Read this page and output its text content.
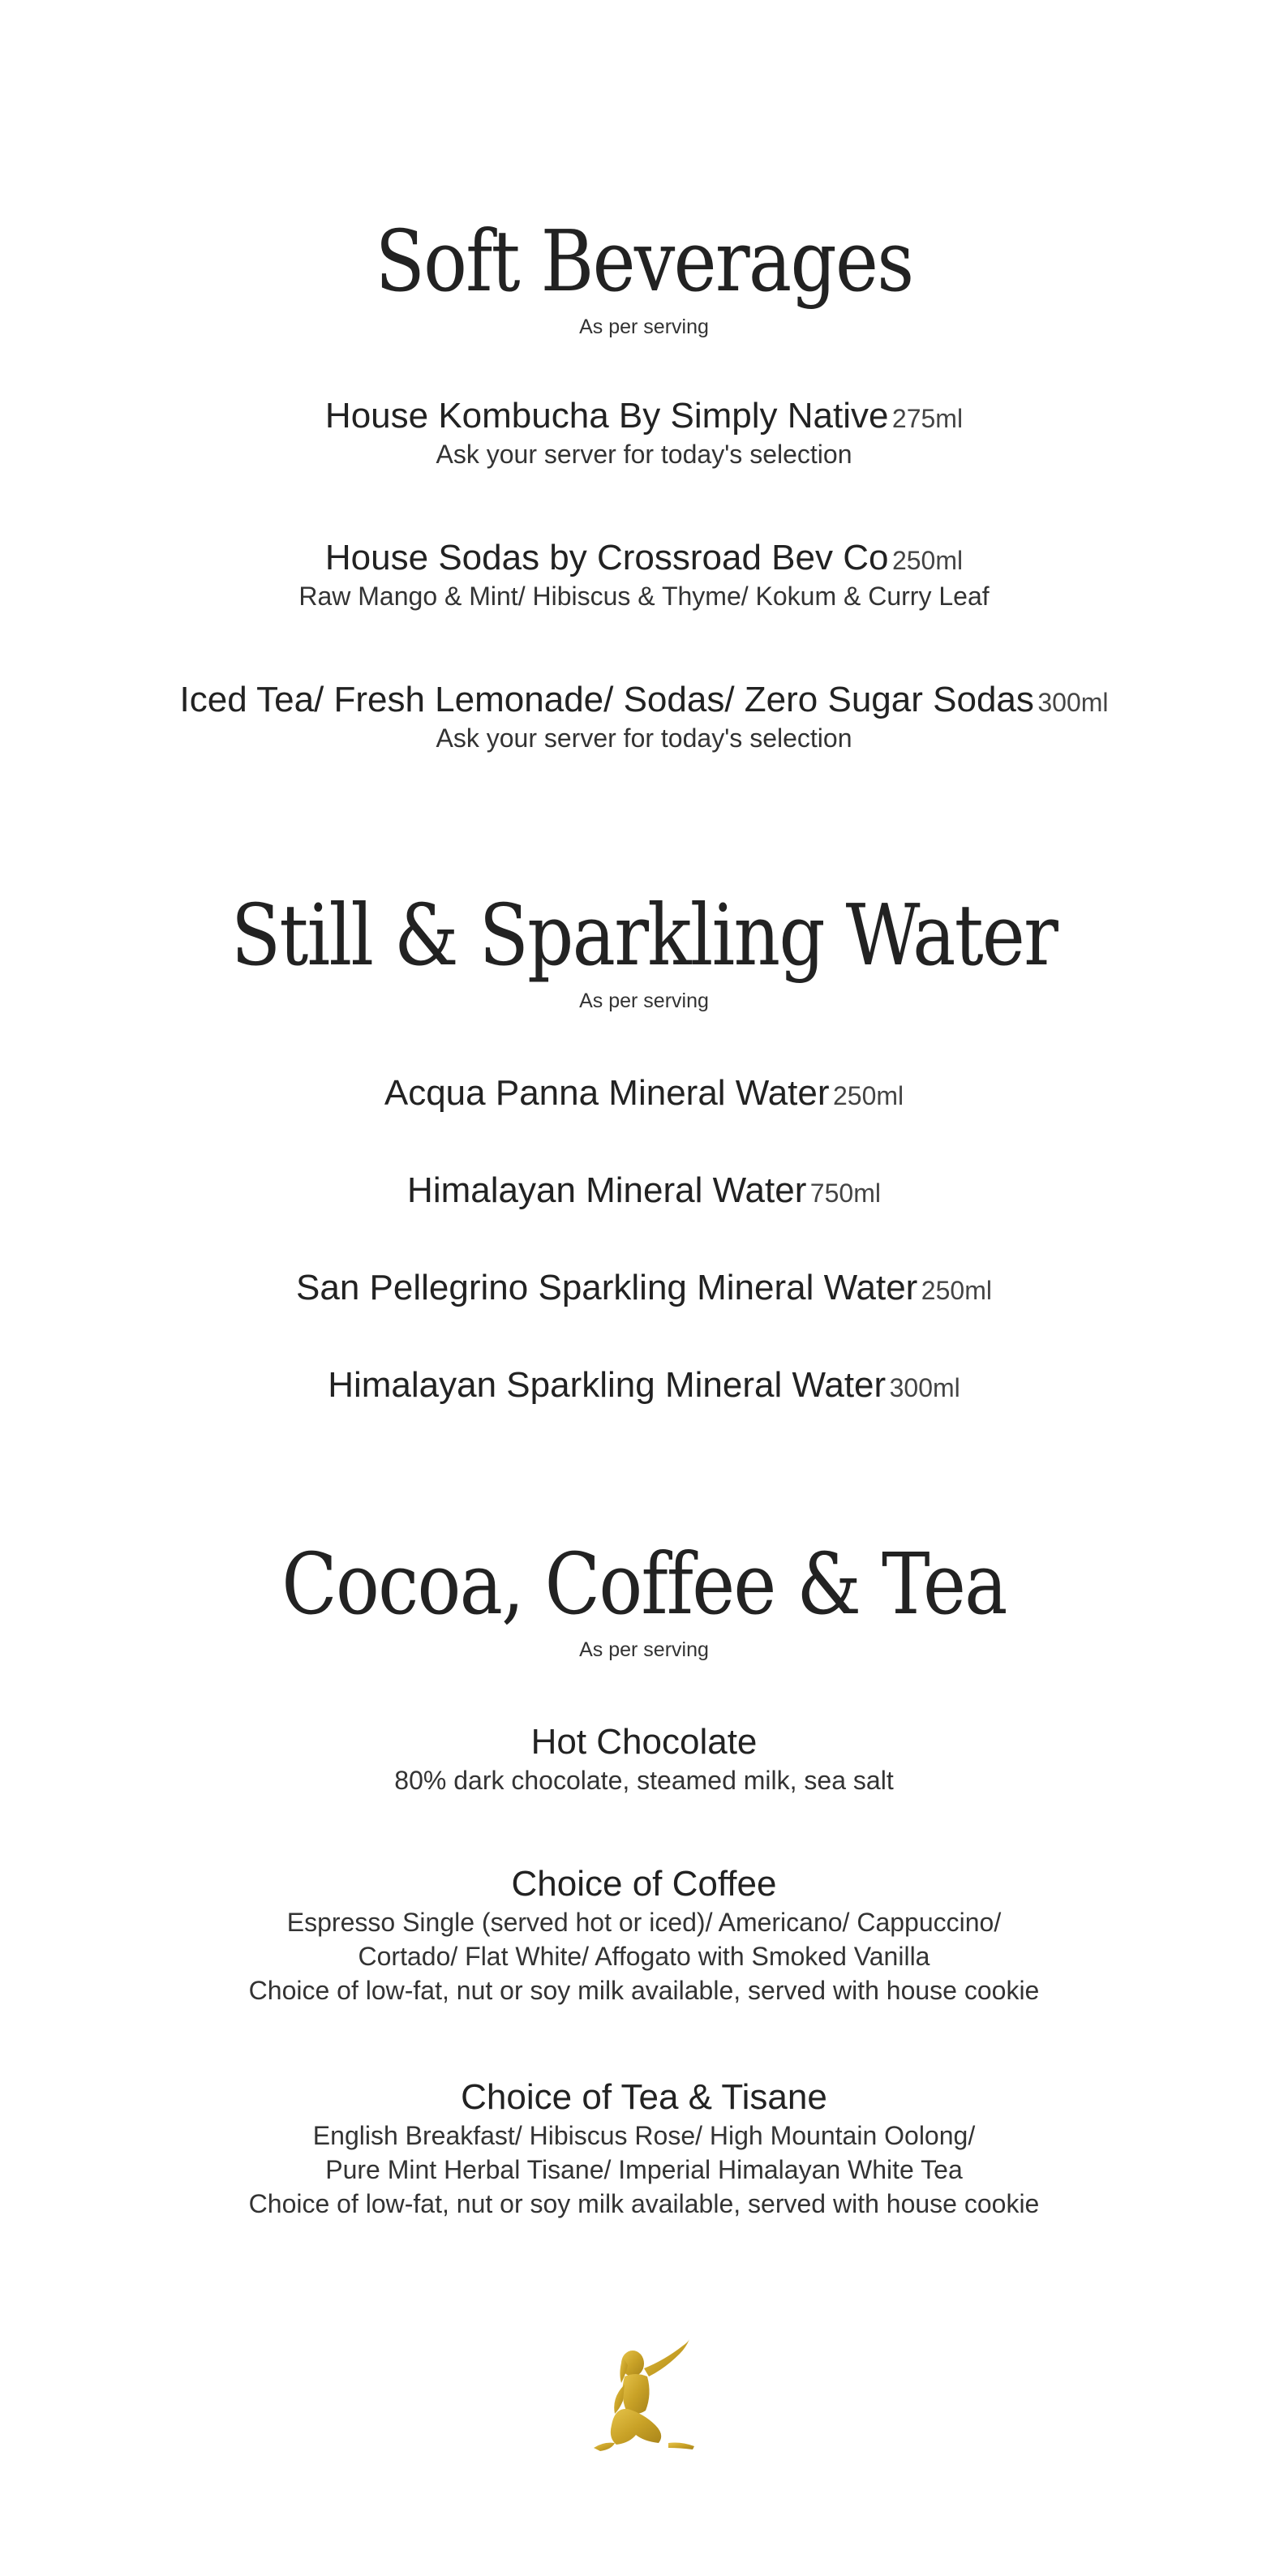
Soft Beverages
As per serving
House Kombucha By Simply Native 275ml
Ask your server for today's selection
House Sodas by Crossroad Bev Co 250ml
Raw Mango & Mint/ Hibiscus & Thyme/ Kokum & Curry Leaf
Iced Tea/ Fresh Lemonade/ Sodas/ Zero Sugar Sodas 300ml
Ask your server for today's selection
Still & Sparkling Water
As per serving
Acqua Panna Mineral Water 250ml
Himalayan Mineral Water 750ml
San Pellegrino Sparkling Mineral Water 250ml
Himalayan Sparkling Mineral Water 300ml
Cocoa, Coffee & Tea
As per serving
Hot Chocolate
80% dark chocolate, steamed milk, sea salt
Choice of Coffee
Espresso Single (served hot or iced)/ Americano/ Cappuccino/
Cortado/ Flat White/ Affogato with Smoked Vanilla
Choice of low-fat, nut or soy milk available, served with house cookie
Choice of Tea & Tisane
English Breakfast/ Hibiscus Rose/ High Mountain Oolong/
Pure Mint Herbal Tisane/ Imperial Himalayan White Tea
Choice of low-fat, nut or soy milk available, served with house cookie
